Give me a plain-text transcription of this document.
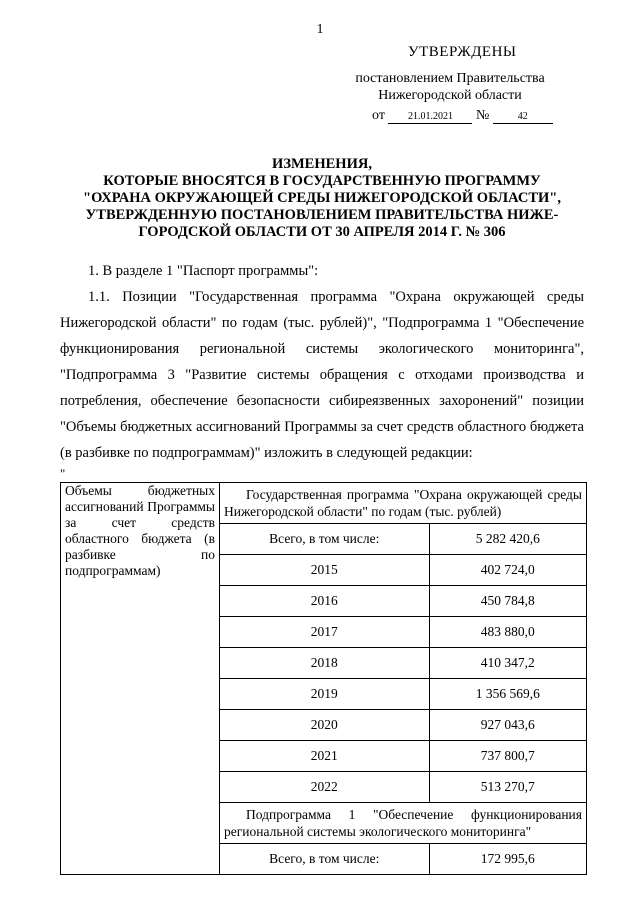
1
УТВЕРЖДЕНЫ
постановлением Правительства
Нижегородской области
от 21.01.2021 №	42
ИЗМЕНЕНИЯ,
КОТОРЫЕ ВНОСЯТСЯ В ГОСУДАРСТВЕННУЮ ПРОГРАММУ
"ОХРАНА ОКРУЖАЮЩЕЙ СРЕДЫ НИЖЕГОРОДСКОЙ ОБЛАСТИ",
УТВЕРЖДЕННУЮ ПОСТАНОВЛЕНИЕМ ПРАВИТЕЛЬСТВА НИЖЕ-
ГОРОДСКОЙ ОБЛАСТИ ОТ 30 АПРЕЛЯ 2014 Г. № 306
1. В разделе 1 "Паспорт программы":
1.1. Позиции "Государственная программа "Охрана окружающей среды Нижегородской области" по годам (тыс. рублей)", "Подпрограмма 1 "Обеспечение функционирования региональной системы экологического мониторинга", "Подпрограмма 3 "Развитие системы обращения с отходами производства и потребления, обеспечение безопасности сибиреязвенных захоронений" позиции "Объемы бюджетных ассигнований Программы за счет средств областного бюджета (в разбивке по подпрограммам)" изложить в следующей редакции:
"
Объемы бюджетных ассигнований Программы за счет средств областного бюджета (в разбивке по подпрограммам)	Государственная программа "Охрана окружающей среды Нижегородской области" по годам (тыс. рублей)	
	Всего, в том числе:	5 282 420,6
	2015	402 724,0
	2016	450 784,8
	2017	483 880,0
	2018	410 347,2
	2019	1 356 569,6
	2020	927 043,6
	2021	737 800,7
	2022	513 270,7
	Подпрограмма 1 "Обеспечение функционирования региональной системы экологического мониторинга"	
	Всего, в том числе:	172 995,6
